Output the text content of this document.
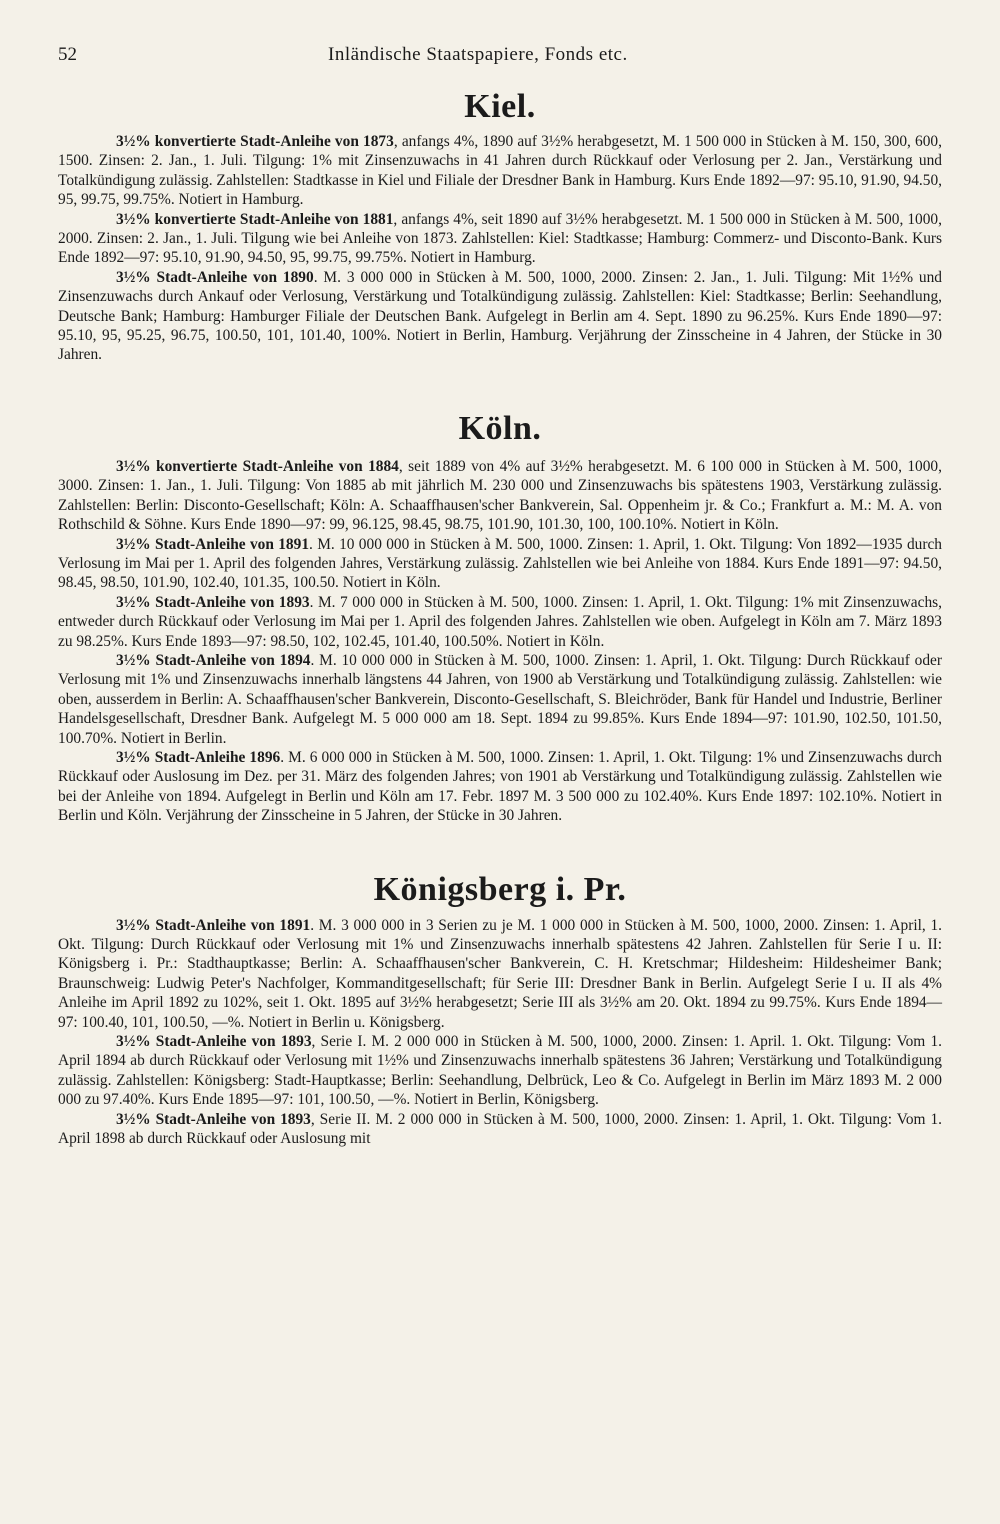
52	Inländische Staatspapiere, Fonds etc.
Kiel.

3½% konvertierte Stadt-Anleihe von 1873, anfangs 4%, 1890 auf 3½% herabgesetzt, M. 1 500 000 in Stücken à M. 150, 300, 600, 1500. Zinsen: 2. Jan., 1. Juli. Tilgung: 1% mit Zinsenzuwachs in 41 Jahren durch Rückkauf oder Verlosung per 2. Jan., Verstärkung und Totalkündigung zulässig. Zahlstellen: Stadtkasse in Kiel und Filiale der Dresdner Bank in Hamburg. Kurs Ende 1892—97: 95.10, 91.90, 94.50, 95, 99.75, 99.75%. Notiert in Hamburg.

3½% konvertierte Stadt-Anleihe von 1881, anfangs 4%, seit 1890 auf 3½% herabgesetzt. M. 1 500 000 in Stücken à M. 500, 1000, 2000. Zinsen: 2. Jan., 1. Juli. Tilgung wie bei Anleihe von 1873. Zahlstellen: Kiel: Stadtkasse; Hamburg: Commerz- und Disconto-Bank. Kurs Ende 1892—97: 95.10, 91.90, 94.50, 95, 99.75, 99.75%. Notiert in Hamburg.

3½% Stadt-Anleihe von 1890. M. 3 000 000 in Stücken à M. 500, 1000, 2000. Zinsen: 2. Jan., 1. Juli. Tilgung: Mit 1½% und Zinsenzuwachs durch Ankauf oder Verlosung, Verstärkung und Totalkündigung zulässig. Zahlstellen: Kiel: Stadtkasse; Berlin: Seehandlung, Deutsche Bank; Hamburg: Hamburger Filiale der Deutschen Bank. Aufgelegt in Berlin am 4. Sept. 1890 zu 96.25%. Kurs Ende 1890—97: 95.10, 95, 95.25, 96.75, 100.50, 101, 101.40, 100%. Notiert in Berlin, Hamburg. Verjährung der Zinsscheine in 4 Jahren, der Stücke in 30 Jahren.

Köln.

3½% konvertierte Stadt-Anleihe von 1884, seit 1889 von 4% auf 3½% herabgesetzt. M. 6 100 000 in Stücken à M. 500, 1000, 3000. Zinsen: 1. Jan., 1. Juli. Tilgung: Von 1885 ab mit jährlich M. 230 000 und Zinsenzuwachs bis spätestens 1903, Verstärkung zulässig. Zahlstellen: Berlin: Disconto-Gesellschaft; Köln: A. Schaaffhausen'scher Bankverein, Sal. Oppenheim jr. & Co.; Frankfurt a. M.: M. A. von Rothschild & Söhne. Kurs Ende 1890—97: 99, 96.125, 98.45, 98.75, 101.90, 101.30, 100, 100.10%. Notiert in Köln.

3½% Stadt-Anleihe von 1891. M. 10 000 000 in Stücken à M. 500, 1000. Zinsen: 1. April, 1. Okt. Tilgung: Von 1892—1935 durch Verlosung im Mai per 1. April des folgenden Jahres, Verstärkung zulässig. Zahlstellen wie bei Anleihe von 1884. Kurs Ende 1891—97: 94.50, 98.45, 98.50, 101.90, 102.40, 101.35, 100.50. Notiert in Köln.

3½% Stadt-Anleihe von 1893. M. 7 000 000 in Stücken à M. 500, 1000. Zinsen: 1. April, 1. Okt. Tilgung: 1% mit Zinsenzuwachs, entweder durch Rückkauf oder Verlosung im Mai per 1. April des folgenden Jahres. Zahlstellen wie oben. Aufgelegt in Köln am 7. März 1893 zu 98.25%. Kurs Ende 1893—97: 98.50, 102, 102.45, 101.40, 100.50%. Notiert in Köln.

3½% Stadt-Anleihe von 1894. M. 10 000 000 in Stücken à M. 500, 1000. Zinsen: 1. April, 1. Okt. Tilgung: Durch Rückkauf oder Verlosung mit 1% und Zinsenzuwachs innerhalb längstens 44 Jahren, von 1900 ab Verstärkung und Totalkündigung zulässig. Zahlstellen: wie oben, ausserdem in Berlin: A. Schaaffhausen'scher Bankverein, Disconto-Gesellschaft, S. Bleichröder, Bank für Handel und Industrie, Berliner Handelsgesellschaft, Dresdner Bank. Aufgelegt M. 5 000 000 am 18. Sept. 1894 zu 99.85%. Kurs Ende 1894—97: 101.90, 102.50, 101.50, 100.70%. Notiert in Berlin.

3½% Stadt-Anleihe 1896. M. 6 000 000 in Stücken à M. 500, 1000. Zinsen: 1. April, 1. Okt. Tilgung: 1% und Zinsenzuwachs durch Rückkauf oder Auslosung im Dez. per 31. März des folgenden Jahres; von 1901 ab Verstärkung und Totalkündigung zulässig. Zahlstellen wie bei der Anleihe von 1894. Aufgelegt in Berlin und Köln am 17. Febr. 1897 M. 3 500 000 zu 102.40%. Kurs Ende 1897: 102.10%. Notiert in Berlin und Köln. Verjährung der Zinsscheine in 5 Jahren, der Stücke in 30 Jahren.

Königsberg i. Pr.

3½% Stadt-Anleihe von 1891. M. 3 000 000 in 3 Serien zu je M. 1 000 000 in Stücken à M. 500, 1000, 2000. Zinsen: 1. April, 1. Okt. Tilgung: Durch Rückkauf oder Verlosung mit 1% und Zinsenzuwachs innerhalb spätestens 42 Jahren. Zahlstellen für Serie I u. II: Königsberg i. Pr.: Stadthauptkasse; Berlin: A. Schaaffhausen'scher Bankverein, C. H. Kretschmar; Hildesheim: Hildesheimer Bank; Braunschweig: Ludwig Peter's Nachfolger, Kommanditgesellschaft; für Serie III: Dresdner Bank in Berlin. Aufgelegt Serie I u. II als 4% Anleihe im April 1892 zu 102%, seit 1. Okt. 1895 auf 3½% herabgesetzt; Serie III als 3½% am 20. Okt. 1894 zu 99.75%. Kurs Ende 1894—97: 100.40, 101, 100.50, —%. Notiert in Berlin u. Königsberg.

3½% Stadt-Anleihe von 1893, Serie I. M. 2 000 000 in Stücken à M. 500, 1000, 2000. Zinsen: 1. April. 1. Okt. Tilgung: Vom 1. April 1894 ab durch Rückkauf oder Verlosung mit 1½% und Zinsenzuwachs innerhalb spätestens 36 Jahren; Verstärkung und Totalkündigung zulässig. Zahlstellen: Königsberg: Stadt-Hauptkasse; Berlin: Seehandlung, Delbrück, Leo & Co. Aufgelegt in Berlin im März 1893 M. 2 000 000 zu 97.40%. Kurs Ende 1895—97: 101, 100.50, —%. Notiert in Berlin, Königsberg.

3½% Stadt-Anleihe von 1893, Serie II. M. 2 000 000 in Stücken à M. 500, 1000, 2000. Zinsen: 1. April, 1. Okt. Tilgung: Vom 1. April 1898 ab durch Rückkauf oder Auslosung mit
